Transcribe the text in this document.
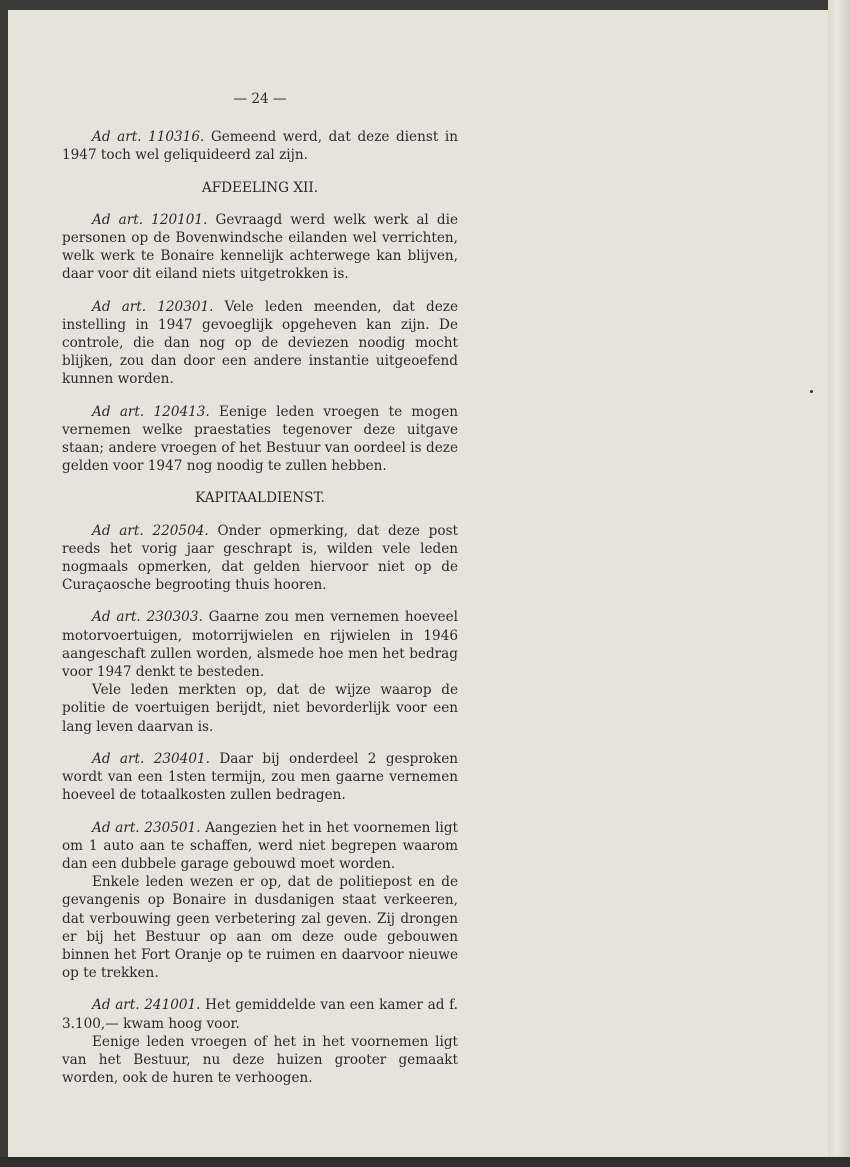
— 24 —

Ad art. 110316. Gemeend werd, dat deze dienst in 1947 toch wel geliquideerd zal zijn.

AFDEELING XII.

Ad art. 120101. Gevraagd werd welk werk al die personen op de Bovenwindsche eilanden wel verrichten, welk werk te Bonaire kennelijk achterwege kan blijven, daar voor dit eiland niets uitgetrokken is.

Ad art. 120301. Vele leden meenden, dat deze instelling in 1947 gevoeglijk opgeheven kan zijn. De controle, die dan nog op de deviezen noodig mocht blijken, zou dan door een andere instantie uitgeoefend kunnen worden.

Ad art. 120413. Eenige leden vroegen te mogen vernemen welke praestaties tegenover deze uitgave staan; andere vroegen of het Bestuur van oordeel is deze gelden voor 1947 nog noodig te zullen hebben.

KAPITAALDIENST.

Ad art. 220504. Onder opmerking, dat deze post reeds het vorig jaar geschrapt is, wilden vele leden nogmaals opmerken, dat gelden hiervoor niet op de Curaçaosche begrooting thuis hooren.

Ad art. 230303. Gaarne zou men vernemen hoeveel motorvoertuigen, motorrijwielen en rijwielen in 1946 aangeschaft zullen worden, alsmede hoe men het bedrag voor 1947 denkt te besteden.

Vele leden merkten op, dat de wijze waarop de politie de voertuigen berijdt, niet bevorderlijk voor een lang leven daarvan is.

Ad art. 230401. Daar bij onderdeel 2 gesproken wordt van een 1sten termijn, zou men gaarne vernemen hoeveel de totaalkosten zullen bedragen.

Ad art. 230501. Aangezien het in het voornemen ligt om 1 auto aan te schaffen, werd niet begrepen waarom dan een dubbele garage gebouwd moet worden.

Enkele leden wezen er op, dat de politiepost en de gevangenis op Bonaire in dusdanigen staat verkeeren, dat verbouwing geen verbetering zal geven. Zij drongen er bij het Bestuur op aan om deze oude gebouwen binnen het Fort Oranje op te ruimen en daarvoor nieuwe op te trekken.

Ad art. 241001. Het gemiddelde van een kamer ad f. 3.100,— kwam hoog voor.

Eenige leden vroegen of het in het voornemen ligt van het Bestuur, nu deze huizen grooter gemaakt worden, ook de huren te verhoogen.
